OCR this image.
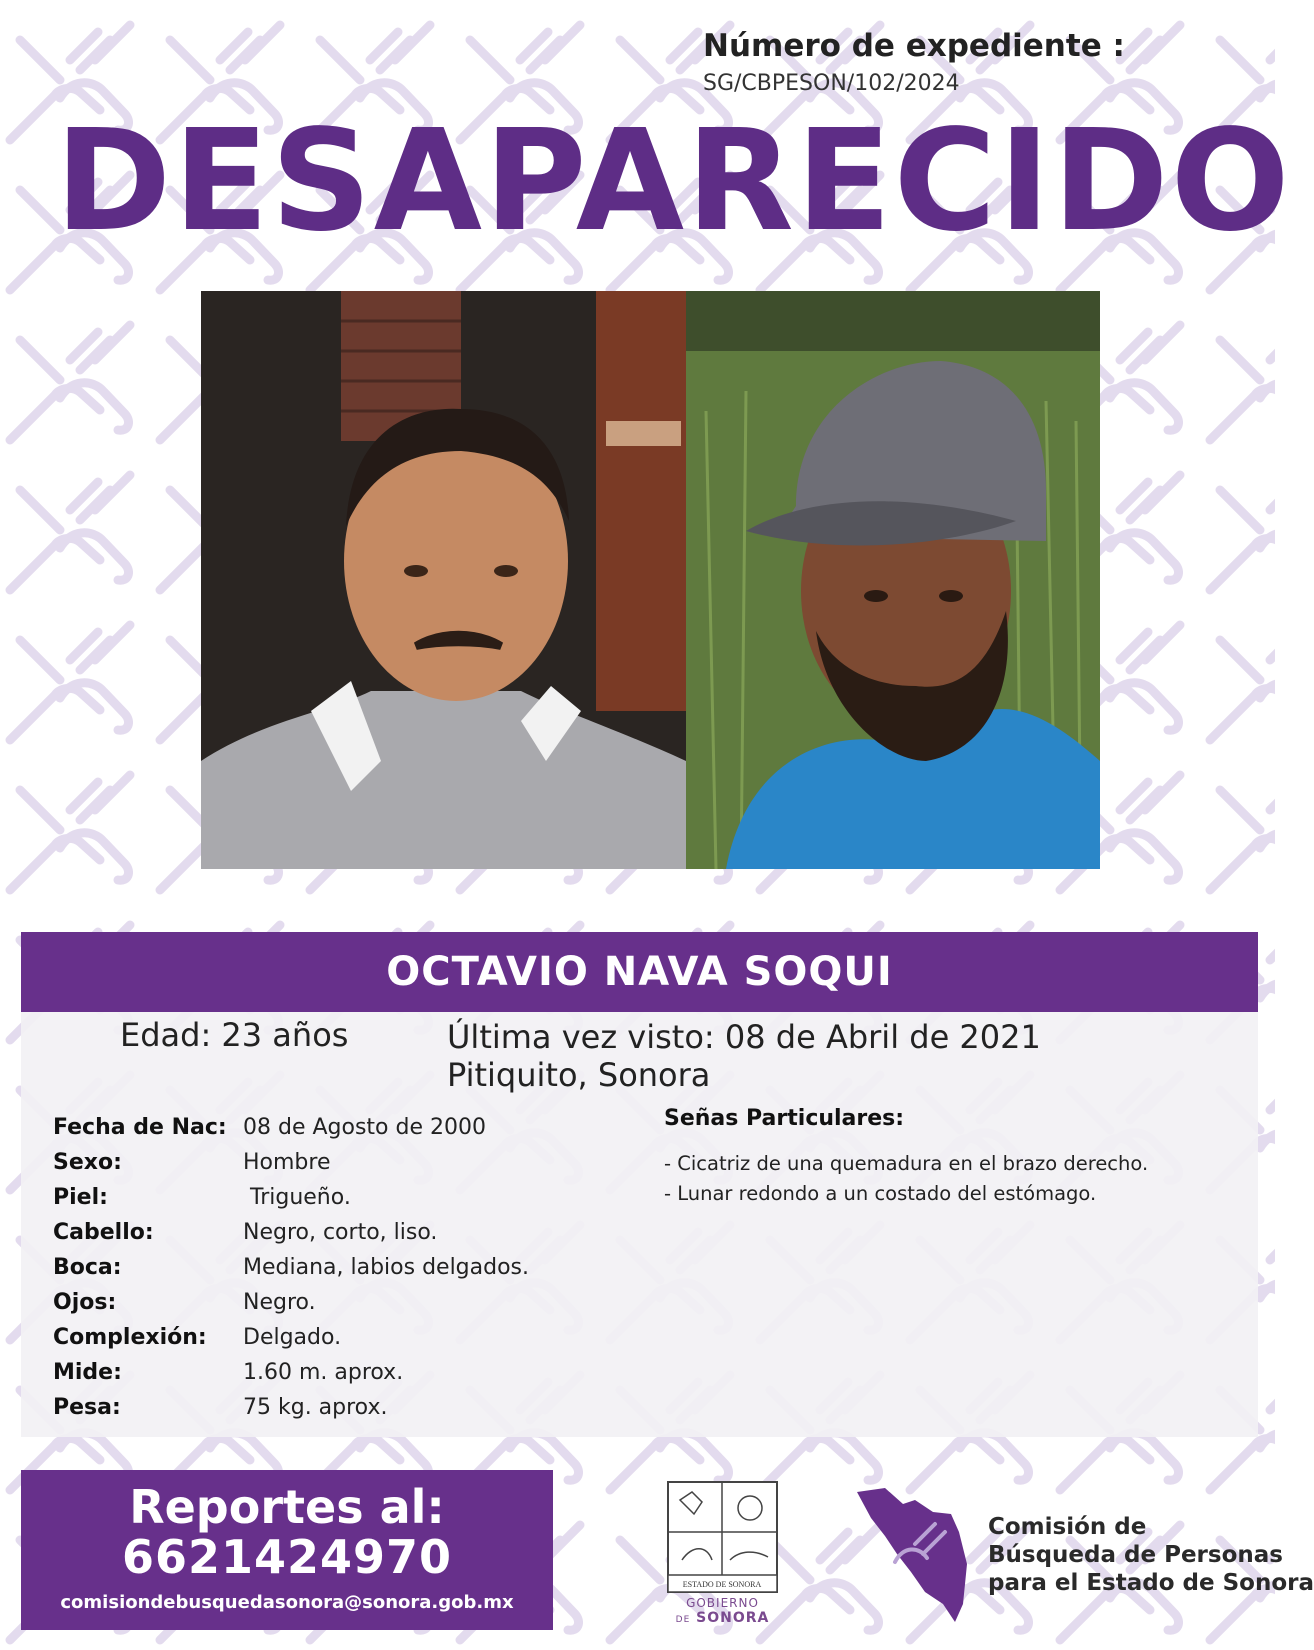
Número de expediente :
SG/CBPESON/102/2024
DESAPARECIDO
OCTAVIO NAVA SOQUI
Edad: 23 años	Última vez visto: 08 de Abril de 2021
Pitiquito, Sonora
Fecha de Nac: 08 de Agosto de 2000
Sexo:	Hombre
Piel:	Trigueño.
Cabello:	Negro, corto, liso.
Boca:	Mediana, labios delgados.
Ojos:	Negro.
Complexión:	Delgado.
Mide:	1.60 m. aprox.
Pesa:	75 kg. aprox.
Señas Particulares:
- Cicatriz de una quemadura en el brazo derecho.
- Lunar redondo a un costado del estómago.
Reportes al:
6621424970
comisiondebusquedasonora@sonora.gob.mx
ESTADO DE SONORA
GOBIERNO
DE SONORA
Comisión de
Búsqueda de Personas
para el Estado de Sonora
